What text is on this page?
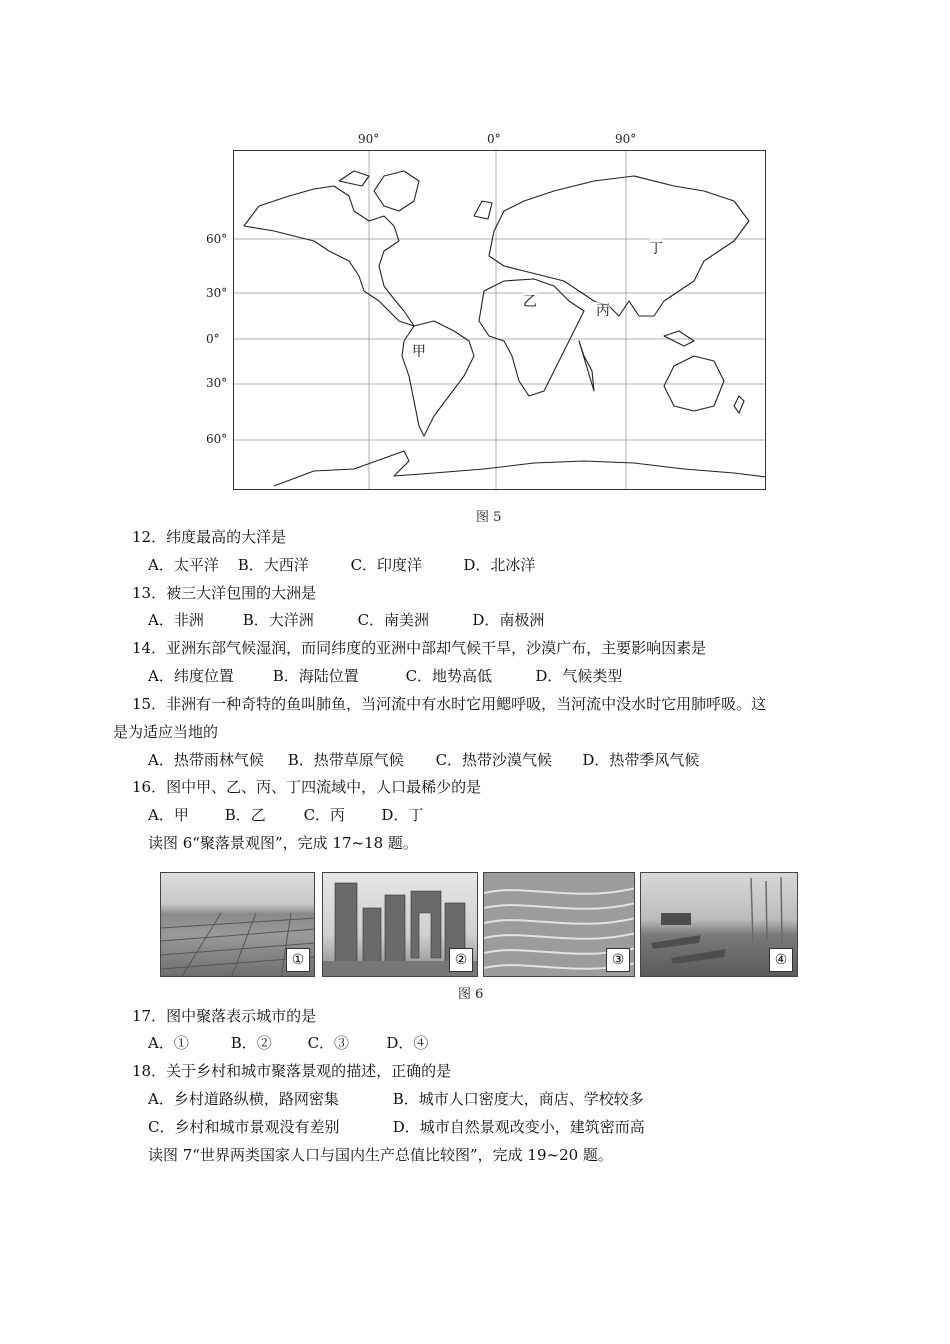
90°	0°	90°
60°
30°
0°
30°
60°
甲
乙
丙
丁
图 5
12．纬度最高的大洋是
A．太平洋 B．大西洋	C．印度洋	D．北冰洋
13．被三大洋包围的大洲是
A．非洲	B．大洋洲	C．南美洲	D．南极洲
14．亚洲东部气候湿润，而同纬度的亚洲中部却气候干旱，沙漠广布，主要影响因素是
A．纬度位置	B．海陆位置	C．地势高低	D．气候类型
15．非洲有一种奇特的鱼叫肺鱼，当河流中有水时它用鳃呼吸，当河流中没水时它用肺呼吸。这
是为适应当地的
A．热带雨林气候 B．热带草原气候 C．热带沙漠气候 D．热带季风气候
16．图中甲、乙、丙、丁四流域中，人口最稀少的是
A．甲 B．乙	C．丙 D．丁
读图 6“聚落景观图”，完成 17~18 题。
①	②	③	④
图 6
17．图中聚落表示城市的是
A．①	B．② C．③ D．④
18．关于乡村和城市聚落景观的描述，正确的是
A．乡村道路纵横，路网密集	B．城市人口密度大，商店、学校较多
C．乡村和城市景观没有差别	D．城市自然景观改变小，建筑密而高
读图 7“世界两类国家人口与国内生产总值比较图”，完成 19~20 题。
